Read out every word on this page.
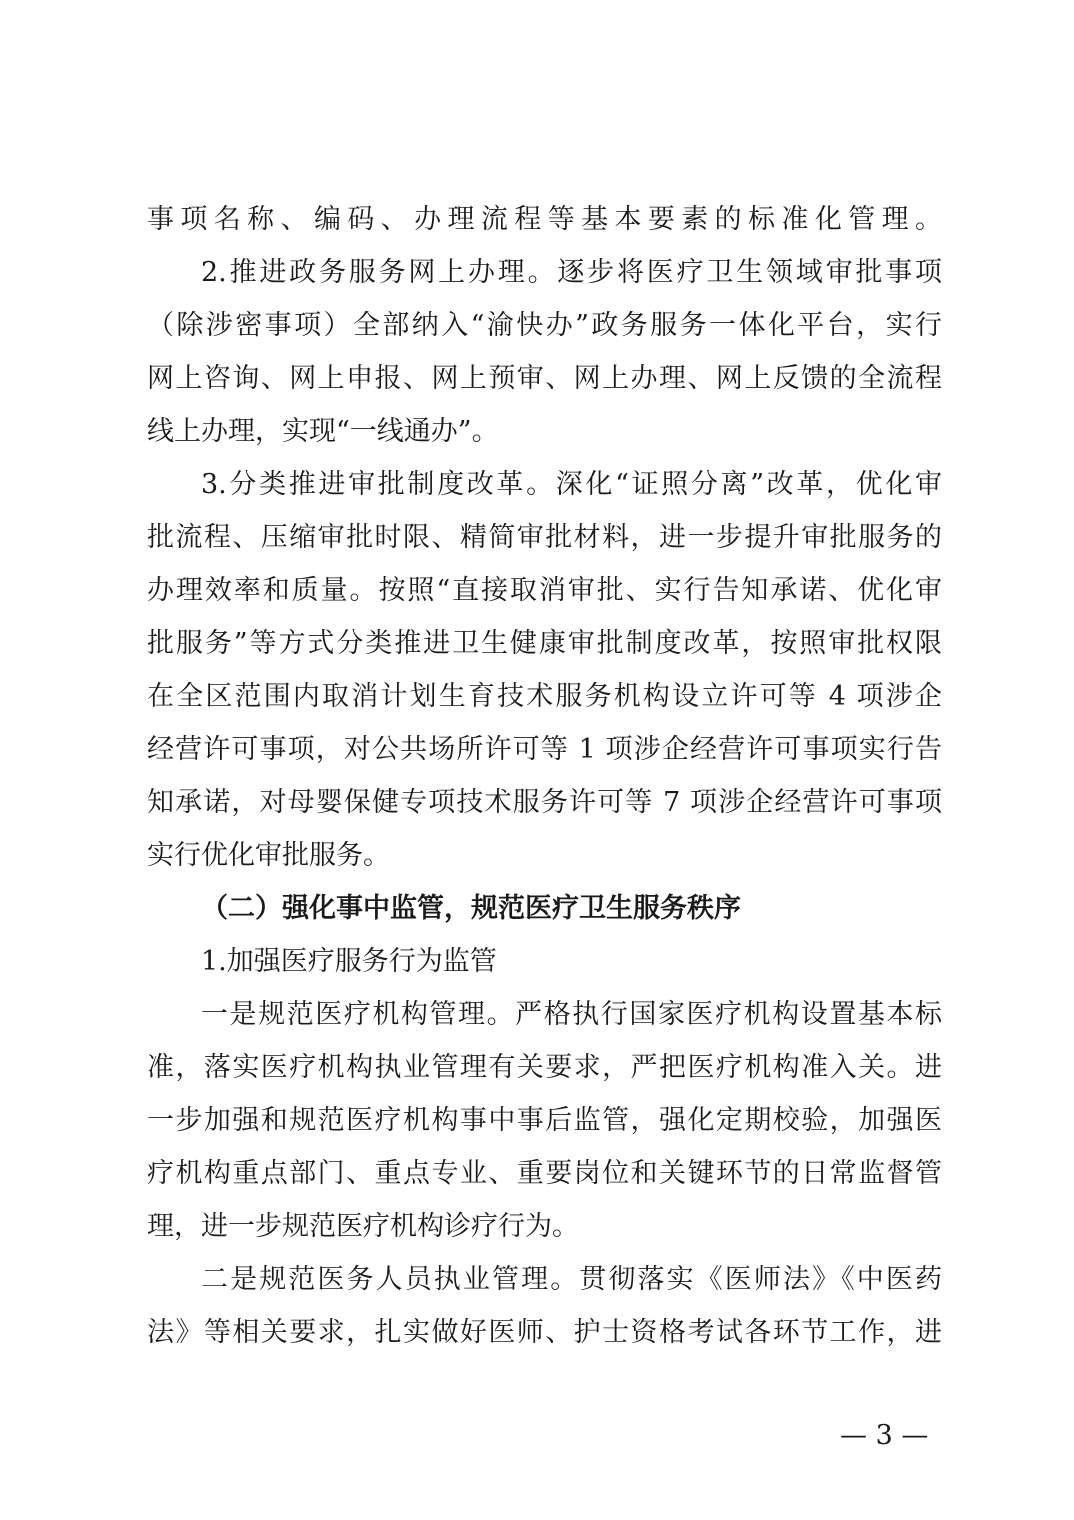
事项名称、编码、办理流程等基本要素的标准化管理。
2.推进政务服务网上办理。逐步将医疗卫生领域审批事项
（除涉密事项）全部纳入“渝快办”政务服务一体化平台，实行
网上咨询、网上申报、网上预审、网上办理、网上反馈的全流程
线上办理，实现“一线通办”。
3.分类推进审批制度改革。深化“证照分离”改革，优化审
批流程、压缩审批时限、精简审批材料，进一步提升审批服务的
办理效率和质量。按照“直接取消审批、实行告知承诺、优化审
批服务”等方式分类推进卫生健康审批制度改革，按照审批权限
在全区范围内取消计划生育技术服务机构设立许可等 4 项涉企
经营许可事项，对公共场所许可等 1 项涉企经营许可事项实行告
知承诺，对母婴保健专项技术服务许可等 7 项涉企经营许可事项
实行优化审批服务。
（二）强化事中监管，规范医疗卫生服务秩序
1.加强医疗服务行为监管
一是规范医疗机构管理。严格执行国家医疗机构设置基本标
准，落实医疗机构执业管理有关要求，严把医疗机构准入关。进
一步加强和规范医疗机构事中事后监管，强化定期校验，加强医
疗机构重点部门、重点专业、重要岗位和关键环节的日常监督管
理，进一步规范医疗机构诊疗行为。
二是规范医务人员执业管理。贯彻落实《医师法》《中医药
法》等相关要求，扎实做好医师、护士资格考试各环节工作，进
— 3 —
